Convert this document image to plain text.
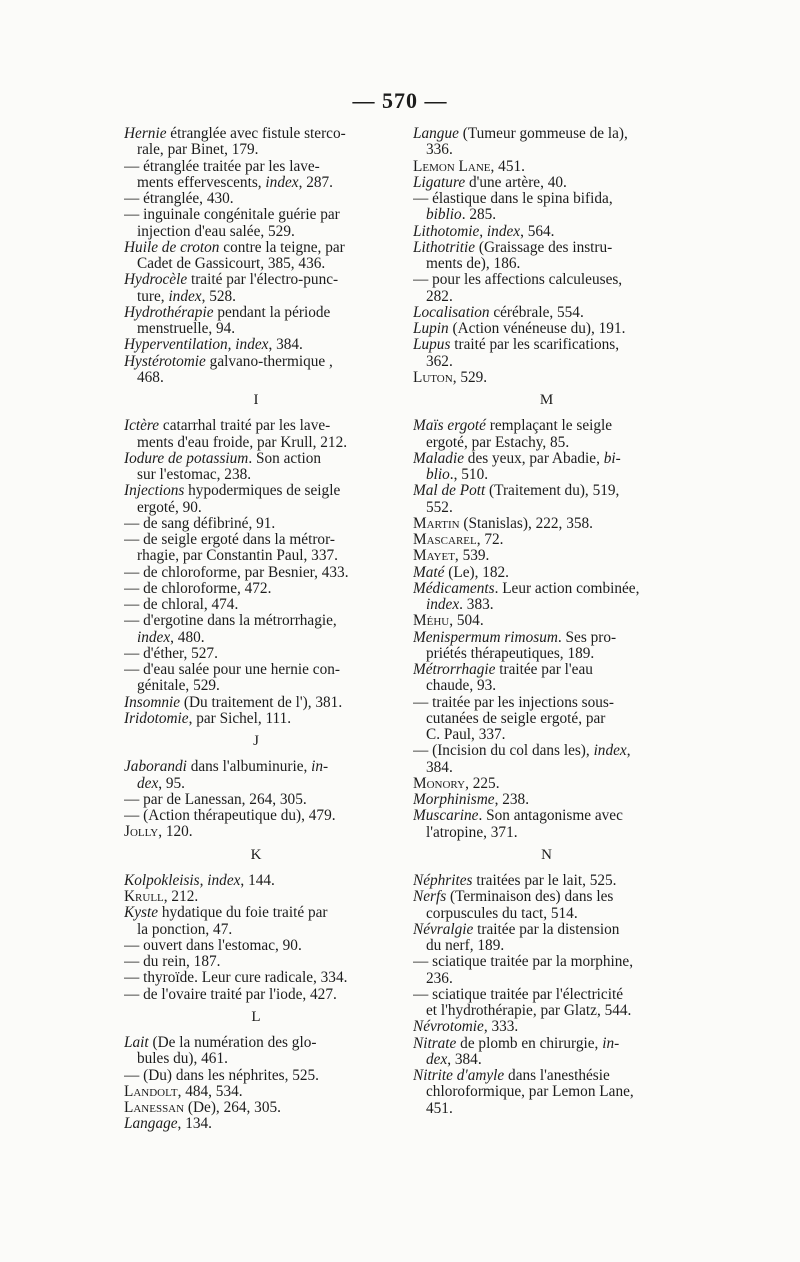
— 570 —
Hernie étranglée avec fistule sterco-
rale, par Binet, 179.
— étranglée traitée par les lave-
ments effervescents, index, 287.
— étranglée, 430.
— inguinale congénitale guérie par
injection d'eau salée, 529.
Huile de croton contre la teigne, par
Cadet de Gassicourt, 385, 436.
Hydrocèle traité par l'électro-punc-
ture, index, 528.
Hydrothérapie pendant la période
menstruelle, 94.
Hyperventilation, index, 384.
Hystérotomie galvano-thermique ,
468.
I
Ictère catarrhal traité par les lave-
ments d'eau froide, par Krull, 212.
Iodure de potassium. Son action
sur l'estomac, 238.
Injections hypodermiques de seigle
ergoté, 90.
— de sang défibriné, 91.
— de seigle ergoté dans la métror-
rhagie, par Constantin Paul, 337.
— de chloroforme, par Besnier, 433.
— de chloroforme, 472.
— de chloral, 474.
— d'ergotine dans la métrorrhagie,
index, 480.
— d'éther, 527.
— d'eau salée pour une hernie con-
génitale, 529.
Insomnie (Du traitement de l'), 381.
Iridotomie, par Sichel, 111.
J
Jaborandi dans l'albuminurie, in-
dex, 95.
— par de Lanessan, 264, 305.
— (Action thérapeutique du), 479.
Jolly, 120.
K
Kolpokleisis, index, 144.
Krull, 212.
Kyste hydatique du foie traité par
la ponction, 47.
— ouvert dans l'estomac, 90.
— du rein, 187.
— thyroïde. Leur cure radicale, 334.
— de l'ovaire traité par l'iode, 427.
L
Lait (De la numération des glo-
bules du), 461.
— (Du) dans les néphrites, 525.
Landolt, 484, 534.
Lanessan (De), 264, 305.
Langage, 134.
Langue (Tumeur gommeuse de la),
336.
Lemon Lane, 451.
Ligature d'une artère, 40.
— élastique dans le spina bifida,
biblio. 285.
Lithotomie, index, 564.
Lithotritie (Graissage des instru-
ments de), 186.
— pour les affections calculeuses,
282.
Localisation cérébrale, 554.
Lupin (Action vénéneuse du), 191.
Lupus traité par les scarifications,
362.
Luton, 529.
M
Maïs ergoté remplaçant le seigle
ergoté, par Estachy, 85.
Maladie des yeux, par Abadie, bi-
blio., 510.
Mal de Pott (Traitement du), 519,
552.
Martin (Stanislas), 222, 358.
Mascarel, 72.
Mayet, 539.
Maté (Le), 182.
Médicaments. Leur action combinée,
index. 383.
Méhu, 504.
Menispermum rimosum. Ses pro-
priétés thérapeutiques, 189.
Métrorrhagie traitée par l'eau
chaude, 93.
— traitée par les injections sous-
cutanées de seigle ergoté, par
C. Paul, 337.
— (Incision du col dans les), index,
384.
Monory, 225.
Morphinisme, 238.
Muscarine. Son antagonisme avec
l'atropine, 371.
N
Néphrites traitées par le lait, 525.
Nerfs (Terminaison des) dans les
corpuscules du tact, 514.
Névralgie traitée par la distension
du nerf, 189.
— sciatique traitée par la morphine,
236.
— sciatique traitée par l'électricité
et l'hydrothérapie, par Glatz, 544.
Névrotomie, 333.
Nitrate de plomb en chirurgie, in-
dex, 384.
Nitrite d'amyle dans l'anesthésie
chloroformique, par Lemon Lane,
451.
